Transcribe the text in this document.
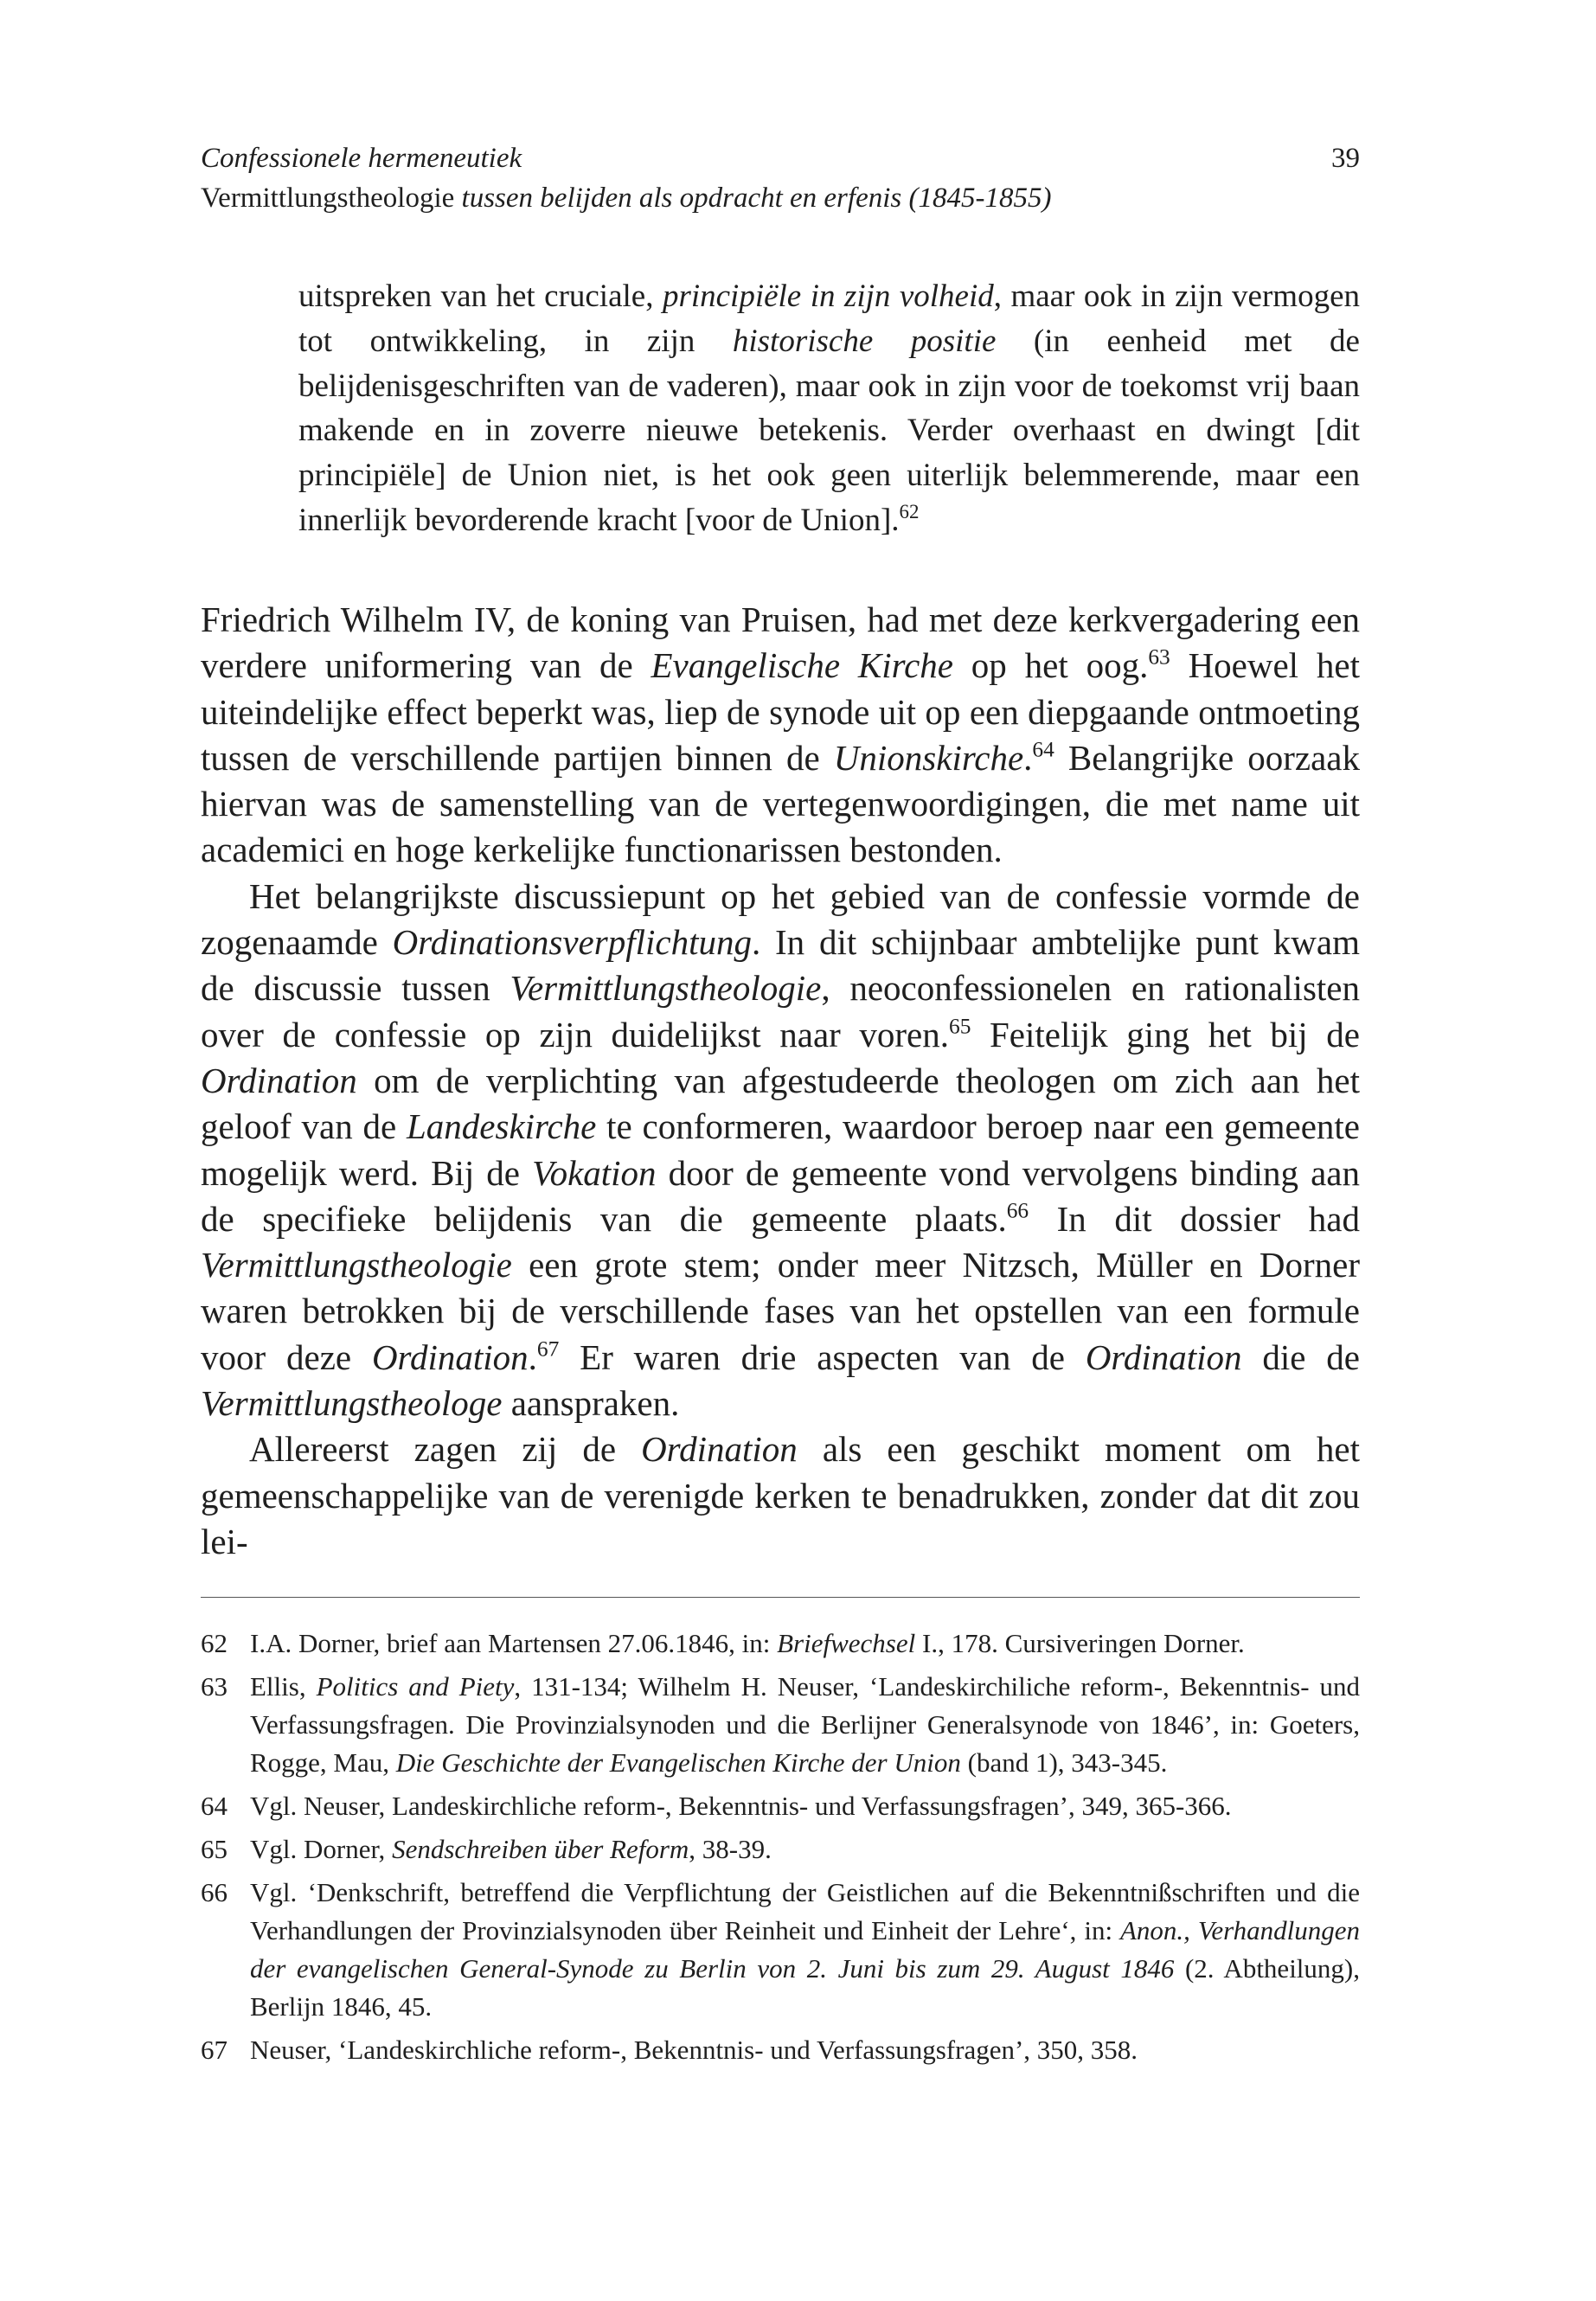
Confessionele hermeneutiek
Vermittlungstheologie tussen belijden als opdracht en erfenis (1845-1855)
39
uitspreken van het cruciale, principiële in zijn volheid, maar ook in zijn vermogen tot ontwikkeling, in zijn historische positie (in eenheid met de belijdenisgeschriften van de vaderen), maar ook in zijn voor de toekomst vrij baan makende en in zoverre nieuwe betekenis. Verder overhaast en dwingt [dit principiële] de Union niet, is het ook geen uiterlijk belemmerende, maar een innerlijk bevorderende kracht [voor de Union].$^{62}$

Friedrich Wilhelm IV, de koning van Pruisen, had met deze kerkvergadering een verdere uniformering van de Evangelische Kirche op het oog.$^{63}$ Hoewel het uiteindelijke effect beperkt was, liep de synode uit op een diepgaande ontmoeting tussen de verschillende partijen binnen de Unionskirche.$^{64}$ Belangrijke oorzaak hiervan was de samenstelling van de vertegenwoordigingen, die met name uit academici en hoge kerkelijke functionarissen bestonden.

Het belangrijkste discussiepunt op het gebied van de confessie vormde de zogenaamde Ordinationsverpflichtung. In dit schijnbaar ambtelijke punt kwam de discussie tussen Vermittlungstheologie, neoconfessionelen en rationalisten over de confessie op zijn duidelijkst naar voren.$^{65}$ Feitelijk ging het bij de Ordination om de verplichting van afgestudeerde theologen om zich aan het geloof van de Landeskirche te conformeren, waardoor beroep naar een gemeente mogelijk werd. Bij de Vokation door de gemeente vond vervolgens binding aan de specifieke belijdenis van die gemeente plaats.$^{66}$ In dit dossier had Vermittlungstheologie een grote stem; onder meer Nitzsch, Müller en Dorner waren betrokken bij de verschillende fases van het opstellen van een formule voor deze Ordination.$^{67}$ Er waren drie aspecten van de Ordination die de Vermittlungstheologe aanspraken.

Allereerst zagen zij de Ordination als een geschikt moment om het gemeenschappelijke van de verenigde kerken te benadrukken, zonder dat dit zou lei-

62 I.A. Dorner, brief aan Martensen 27.06.1846, in: Briefwechsel I., 178. Cursiveringen Dorner.
63 Ellis, Politics and Piety, 131-134; Wilhelm H. Neuser, ‘Landeskirchiliche reform-, Bekenntnis- und Verfassungsfragen. Die Provinzialsynoden und die Berlijner Generalsynode von 1846’, in: Goeters, Rogge, Mau, Die Geschichte der Evangelischen Kirche der Union (band 1), 343-345.
64 Vgl. Neuser, Landeskirchliche reform-, Bekenntnis- und Verfassungsfragen’, 349, 365-366.
65 Vgl. Dorner, Sendschreiben über Reform, 38-39.
66 Vgl. ‘Denkschrift, betreffend die Verpflichtung der Geistlichen auf die Bekenntnißschriften und die Verhandlungen der Provinzialsynoden über Reinheit und Einheit der Lehre‘, in: Anon., Verhandlungen der evangelischen General-Synode zu Berlin von 2. Juni bis zum 29. August 1846 (2. Abtheilung), Berlijn 1846, 45.
67 Neuser, ‘Landeskirchliche reform-, Bekenntnis- und Verfassungsfragen’, 350, 358.
